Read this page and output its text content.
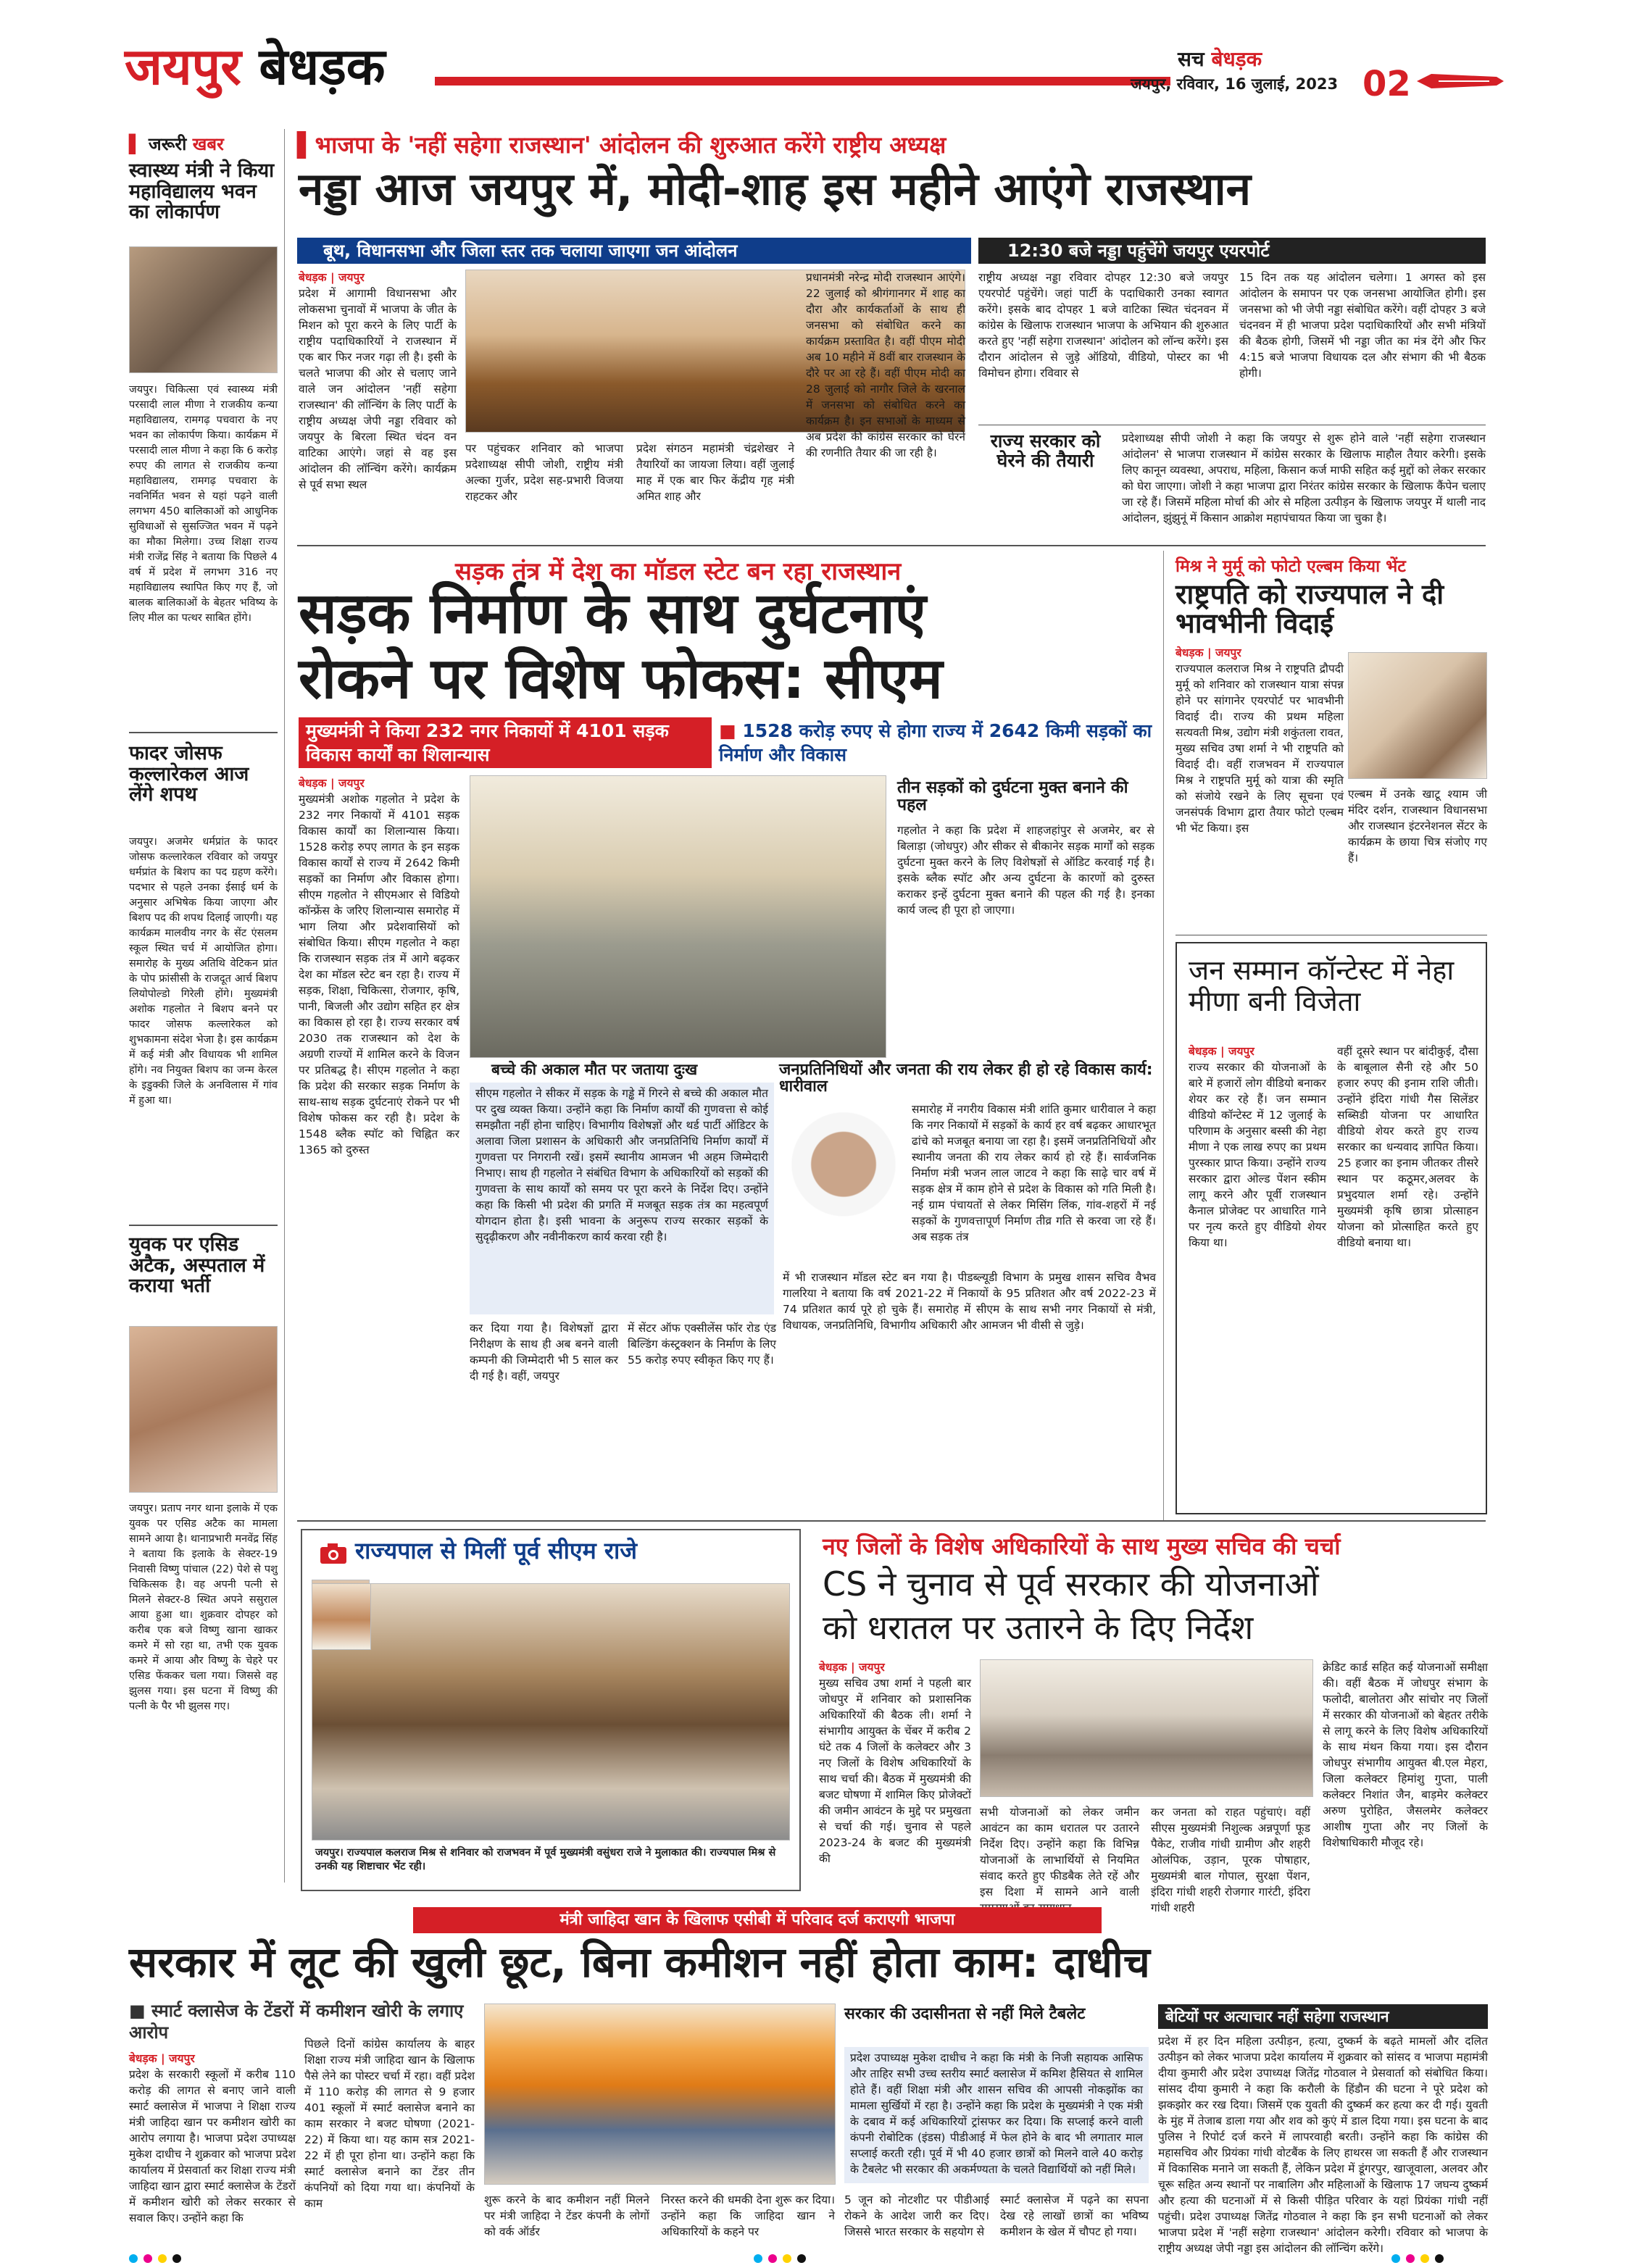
जयपुर बेधड़क	सच बेधड़क
जयपुर, रविवार, 16 जुलाई, 2023 02
▌ जरूरी खबर
स्वास्थ्य मंत्री ने किया महाविद्यालय भवन का लोकार्पण
जयपुर। चिकित्सा एवं स्वास्थ्य मंत्री परसादी लाल मीणा ने राजकीय कन्या महाविद्यालय, रामगढ़ पचवारा के नए भवन का लोकार्पण किया। कार्यक्रम में परसादी लाल मीणा ने कहा कि 6 करोड़ रुपए की लागत से राजकीय कन्या महाविद्यालय, रामगढ़ पचवारा के नवनिर्मित भवन से यहां पढ़ने वाली लगभग 450 बालिकाओं को आधुनिक सुविधाओं से सुसज्जित भवन में पढ़ने का मौका मिलेगा। उच्च शिक्षा राज्य मंत्री राजेंद्र सिंह ने बताया कि पिछले 4 वर्ष में प्रदेश में लगभग 316 नए महाविद्यालय स्थापित किए गए हैं, जो बालक बालिकाओं के बेहतर भविष्य के लिए मील का पत्थर साबित होंगे।
फादर जोसफ कल्लारेकल आज लेंगे शपथ
जयपुर। अजमेर धर्मप्रांत के फादर जोसफ कल्लारेकल रविवार को जयपुर धर्मप्रांत के बिशप का पद ग्रहण करेंगे। पदभार से पहले उनका ईसाई धर्म के अनुसार अभिषेक किया जाएगा और बिशप पद की शपथ दिलाई जाएगी। यह कार्यक्रम मालवीय नगर के सेंट एंसलम स्कूल स्थित चर्च में आयोजित होगा। समारोह के मुख्य अतिथि वेटिकन प्रांत के पोप फ्रांसीसी के राजदूत आर्च बिशप लियोपोल्डो गिरेली होंगे। मुख्यमंत्री अशोक गहलोत ने बिशप बनने पर फादर जोसफ कल्लारेकल को शुभकामना संदेश भेजा है। इस कार्यक्रम में कई मंत्री और विधायक भी शामिल होंगे। नव नियुक्त बिशप का जन्म केरल के इडुक्की जिले के अनविलास में गांव में हुआ था।
युवक पर एसिड अटैक, अस्पताल में कराया भर्ती
जयपुर। प्रताप नगर थाना इलाके में एक युवक पर एसिड अटैक का मामला सामने आया है। थानाप्रभारी मनवेंद्र सिंह ने बताया कि इलाके के सेक्टर-19 निवासी विष्णु पांचाल (22) पेशे से पशु चिकित्सक है। वह अपनी पत्नी से मिलने सेक्टर-8 स्थित अपने ससुराल आया हुआ था। शुक्रवार दोपहर को करीब एक बजे विष्णु खाना खाकर कमरे में सो रहा था, तभी एक युवक कमरे में आया और विष्णु के चेहरे पर एसिड फेंककर चला गया। जिससे वह झुलस गया। इस घटना में विष्णु की पत्नी के पैर भी झुलस गए।
▌भाजपा के 'नहीं सहेगा राजस्थान' आंदोलन की शुरुआत करेंगे राष्ट्रीय अध्यक्ष
नड्डा आज जयपुर में, मोदी-शाह इस महीने आएंगे राजस्थान
बूथ, विधानसभा और जिला स्तर तक चलाया जाएगा जन आंदोलन	12:30 बजे नड्डा पहुंचेंगे जयपुर एयरपोर्ट
बेधड़क | जयपुर
प्रदेश में आगामी विधानसभा और लोकसभा चुनावों में भाजपा के जीत के मिशन को पूरा करने के लिए पार्टी के राष्ट्रीय पदाधिकारियों ने राजस्थान में एक बार फिर नजर गढ़ा ली है। इसी के चलते भाजपा की ओर से चलाए जाने वाले जन आंदोलन 'नहीं सहेगा राजस्थान' की लॉन्चिंग के लिए पार्टी के राष्ट्रीय अध्यक्ष जेपी नड्डा रविवार को जयपुर के बिरला स्थित चंदन वन वाटिका आएंगे। जहां से वह इस आंदोलन की लॉन्चिंग करेंगे। कार्यक्रम से पूर्व सभा स्थल
पर पहुंचकर शनिवार को भाजपा प्रदेशाध्यक्ष सीपी जोशी, राष्ट्रीय मंत्री अल्का गुर्जर, प्रदेश सह-प्रभारी विजया राहटकर और
प्रदेश संगठन महामंत्री चंद्रशेखर ने तैयारियों का जायजा लिया। वहीं जुलाई माह में एक बार फिर केंद्रीय गृह मंत्री अमित शाह और
प्रधानमंत्री नरेन्द्र मोदी राजस्थान आएंगे। 22 जुलाई को श्रीगंगानगर में शाह का दौरा और कार्यकर्ताओं के साथ ही जनसभा को संबोधित करने का कार्यक्रम प्रस्तावित है। वहीं पीएम मोदी अब 10 महीने में 8वीं बार राजस्थान के दौरे पर आ रहे हैं। वहीं पीएम मोदी का 28 जुलाई को नागौर जिले के खरनाल में जनसभा को संबोधित करने का कार्यक्रम है। इन सभाओं के माध्यम से अब प्रदेश की कांग्रेस सरकार को घेरने की रणनीति तैयार की जा रही है।
राष्ट्रीय अध्यक्ष नड्डा रविवार दोपहर 12:30 बजे जयपुर एयरपोर्ट पहुंचेंगे। जहां पार्टी के पदाधिकारी उनका स्वागत करेंगे। इसके बाद दोपहर 1 बजे वाटिका स्थित चंदनवन में कांग्रेस के खिलाफ राजस्थान भाजपा के अभियान की शुरुआत करते हुए 'नहीं सहेगा राजस्थान' आंदोलन को लॉन्च करेंगे। इस दौरान आंदोलन से जुड़े ऑडियो, वीडियो, पोस्टर का भी विमोचन होगा। रविवार से
15 दिन तक यह आंदोलन चलेगा। 1 अगस्त को इस आंदोलन के समापन पर एक जनसभा आयोजित होगी। इस जनसभा को भी जेपी नड्डा संबोधित करेंगे। वहीं दोपहर 3 बजे चंदनवन में ही भाजपा प्रदेश पदाधिकारियों और सभी मंत्रियों की बैठक होगी, जिसमें भी नड्डा जीत का मंत्र देंगे और फिर 4:15 बजे भाजपा विधायक दल और संभाग की भी बैठक होगी।
राज्य सरकार को घेरने की तैयारी
प्रदेशाध्यक्ष सीपी जोशी ने कहा कि जयपुर से शुरू होने वाले 'नहीं सहेगा राजस्थान आंदोलन' से भाजपा राजस्थान में कांग्रेस सरकार के खिलाफ माहौल तैयार करेगी। इसके लिए कानून व्यवस्था, अपराध, महिला, किसान कर्ज माफी सहित कई मुद्दों को लेकर सरकार को घेरा जाएगा। जोशी ने कहा भाजपा द्वारा निरंतर कांग्रेस सरकार के खिलाफ कैंपेन चलाए जा रहे हैं। जिसमें महिला मोर्चा की ओर से महिला उत्पीड़न के खिलाफ जयपुर में थाली नाद आंदोलन, झुंझुनूं में किसान आक्रोश महापंचायत किया जा चुका है।
सड़क तंत्र में देश का मॉडल स्टेट बन रहा राजस्थान
सड़क निर्माण के साथ दुर्घटनाएं
रोकने पर विशेष फोकस: सीएम
मुख्यमंत्री ने किया 232 नगर निकायों में 4101 सड़क विकास कार्यों का शिलान्यास
■ 1528 करोड़ रुपए से होगा राज्य में 2642 किमी सड़कों का निर्माण और विकास
बेधड़क | जयपुर
मुख्यमंत्री अशोक गहलोत ने प्रदेश के 232 नगर निकायों में 4101 सड़क विकास कार्यों का शिलान्यास किया। 1528 करोड़ रुपए लागत के इन सड़क विकास कार्यों से राज्य में 2642 किमी सड़कों का निर्माण और विकास होगा। सीएम गहलोत ने सीएमआर से विडियो कॉन्फ्रेंस के जरिए शिलान्यास समारोह में भाग लिया और प्रदेशवासियों को संबोधित किया। सीएम गहलोत ने कहा कि राजस्थान सड़क तंत्र में आगे बढ़कर देश का मॉडल स्टेट बन रहा है। राज्य में सड़क, शिक्षा, चिकित्सा, रोजगार, कृषि, पानी, बिजली और उद्योग सहित हर क्षेत्र का विकास हो रहा है। राज्य सरकार वर्ष 2030 तक राजस्थान को देश के अग्रणी राज्यों में शामिल करने के विजन पर प्रतिबद्ध है। सीएम गहलोत ने कहा कि प्रदेश की सरकार सड़क निर्माण के साथ-साथ सड़क दुर्घटनाएं रोकने पर भी विशेष फोकस कर रही है। प्रदेश के 1548 ब्लैक स्पॉट को चिह्नित कर 1365 को दुरुस्त
तीन सड़कों को दुर्घटना मुक्त बनाने की पहल
गहलोत ने कहा कि प्रदेश में शाहजहांपुर से अजमेर, बर से बिलाड़ा (जोधपुर) और सीकर से बीकानेर सड़क मार्गों को सड़क दुर्घटना मुक्त करने के लिए विशेषज्ञों से ऑडिट करवाई गई है। इसके ब्लैक स्पॉट और अन्य दुर्घटना के कारणों को दुरुस्त कराकर इन्हें दुर्घटना मुक्त बनाने की पहल की गई है। इनका कार्य जल्द ही पूरा हो जाएगा।
बच्चे की अकाल मौत पर जताया दुःख
सीएम गहलोत ने सीकर में सड़क के गड्ढे में गिरने से बच्चे की अकाल मौत पर दुख व्यक्त किया। उन्होंने कहा कि निर्माण कार्यों की गुणवत्ता से कोई समझौता नहीं होना चाहिए। विभागीय विशेषज्ञों और थर्ड पार्टी ऑडिटर के अलावा जिला प्रशासन के अधिकारी और जनप्रतिनिधि निर्माण कार्यों में गुणवत्ता पर निगरानी रखें। इसमें स्थानीय आमजन भी अहम जिम्मेदारी निभाए। साथ ही गहलोत ने संबंधित विभाग के अधिकारियों को सड़कों की गुणवत्ता के साथ कार्यों को समय पर पूरा करने के निर्देश दिए। उन्होंने कहा कि किसी भी प्रदेश की प्रगति में मजबूत सड़क तंत्र का महत्वपूर्ण योगदान होता है। इसी भावना के अनुरूप राज्य सरकार सड़कों के सुदृढ़ीकरण और नवीनीकरण कार्य करवा रही है।
जनप्रतिनिधियों और जनता की राय लेकर ही हो रहे विकास कार्य: धारीवाल
समारोह में नगरीय विकास मंत्री शांति कुमार धारीवाल ने कहा कि नगर निकायों में सड़कों के कार्य हर वर्ष बढ़कर आधारभूत ढांचे को मजबूत बनाया जा रहा है। इसमें जनप्रतिनिधियों और स्थानीय जनता की राय लेकर कार्य हो रहे हैं। सार्वजनिक निर्माण मंत्री भजन लाल जाटव ने कहा कि साढ़े चार वर्ष में सड़क क्षेत्र में काम होने से प्रदेश के विकास को गति मिली है। नई ग्राम पंचायतों से लेकर मिसिंग लिंक, गांव-शहरों में नई सड़कों के गुणवत्तापूर्ण निर्माण तीव्र गति से करवा जा रहे हैं। अब सड़क तंत्र
में भी राजस्थान मॉडल स्टेट बन गया है। पीडब्ल्यूडी विभाग के प्रमुख शासन सचिव वैभव गालरिया ने बताया कि वर्ष 2021-22 में निकायों के 95 प्रतिशत और वर्ष 2022-23 में 74 प्रतिशत कार्य पूरे हो चुके हैं। समारोह में सीएम के साथ सभी नगर निकायों से मंत्री, विधायक, जनप्रतिनिधि, विभागीय अधिकारी और आमजन भी वीसी से जुड़े।
कर दिया गया है। विशेषज्ञों द्वारा निरीक्षण के साथ ही अब बनने वाली कम्पनी की जिम्मेदारी भी 5 साल कर दी गई है। वहीं, जयपुर
में सेंटर ऑफ एक्सीलेंस फॉर रोड एंड बिल्डिंग कंस्ट्रक्शन के निर्माण के लिए 55 करोड़ रुपए स्वीकृत किए गए हैं।
मिश्र ने मुर्मू को फोटो एल्बम किया भेंट
राष्ट्रपति को राज्यपाल ने दी भावभीनी विदाई
बेधड़क | जयपुर
राज्यपाल कलराज मिश्र ने राष्ट्रपति द्रौपदी मुर्मू को शनिवार को राजस्थान यात्रा संपन्न होने पर सांगानेर एयरपोर्ट पर भावभीनी विदाई दी। राज्य की प्रथम महिला सत्यवती मिश्र, उद्योग मंत्री शकुंतला रावत, मुख्य सचिव उषा शर्मा ने भी राष्ट्रपति को विदाई दी। वहीं राजभवन में राज्यपाल मिश्र ने राष्ट्रपति मुर्मू को यात्रा की स्मृति को संजोये रखने के लिए सूचना एवं जनसंपर्क विभाग द्वारा तैयार फोटो एल्बम भी भेंट किया। इस
एल्बम में उनके खाटू श्याम जी मंदिर दर्शन, राजस्थान विधानसभा और राजस्थान इंटरनेशनल सेंटर के कार्यक्रम के छाया चित्र संजोए गए हैं।
जन सम्मान कॉन्टेस्ट में नेहा मीणा बनी विजेता
बेधड़क | जयपुर
राज्य सरकार की योजनाओं के बारे में हजारों लोग वीडियो बनाकर शेयर कर रहे हैं। जन सम्मान वीडियो कॉन्टेस्ट में 12 जुलाई के परिणाम के अनुसार बस्सी की नेहा मीणा ने एक लाख रुपए का प्रथम पुरस्कार प्राप्त किया। उन्होंने राज्य सरकार द्वारा ओल्ड पेंशन स्कीम लागू करने और पूर्वी राजस्थान कैनाल प्रोजेक्ट पर आधारित गाने पर नृत्य करते हुए वीडियो शेयर किया था।
वहीं दूसरे स्थान पर बांदीकुई, दौसा के बाबूलाल सैनी रहे और 50 हजार रुपए की इनाम राशि जीती। उन्होंने इंदिरा गांधी गैस सिलेंडर सब्सिडी योजना पर आधारित वीडियो शेयर करते हुए राज्य सरकार का धन्यवाद ज्ञापित किया। 25 हजार का इनाम जीतकर तीसरे स्थान पर कठूमर,अलवर के प्रभुदयाल शर्मा रहे। उन्होंने मुख्यमंत्री कृषि छात्रा प्रोत्साहन योजना को प्रोत्साहित करते हुए वीडियो बनाया था।
राज्यपाल से मिलीं पूर्व सीएम राजे
जयपुर। राज्यपाल कलराज मिश्र से शनिवार को राजभवन में पूर्व मुख्यमंत्री वसुंधरा राजे ने मुलाकात की। राज्यपाल मिश्र से उनकी यह शिष्टाचार भेंट रही।
नए जिलों के विशेष अधिकारियों के साथ मुख्य सचिव की चर्चा
CS ने चुनाव से पूर्व सरकार की योजनाओं
को धरातल पर उतारने के दिए निर्देश
बेधड़क | जयपुर
मुख्य सचिव उषा शर्मा ने पहली बार जोधपुर में शनिवार को प्रशासनिक अधिकारियों की बैठक ली। शर्मा ने संभागीय आयुक्त के चेंबर में करीब 2 घंटे तक 4 जिलों के कलेक्टर और 3 नए जिलों के विशेष अधिकारियों के साथ चर्चा की। बैठक में मुख्यमंत्री की बजट घोषणा में शामिल किए प्रोजेक्टों की जमीन आवंटन के मुद्दे पर प्रमुखता से चर्चा की गई। चुनाव से पहले 2023-24 के बजट की मुख्यमंत्री की
सभी योजनाओं को लेकर जमीन आवंटन का काम धरातल पर उतारने निर्देश दिए। उन्होंने कहा कि विभिन्न योजनाओं के लाभार्थियों से नियमित संवाद करते हुए फीडबैक लेते रहें और इस दिशा में सामने आने वाली
कर जनता को राहत पहुंचाएं। वहीं सीएस मुख्यमंत्री निशुल्क अन्नपूर्णा फूड पैकेट, राजीव गांधी ग्रामीण और शहरी ओलंपिक, उड़ान, पूरक पोषाहार, मुख्यमंत्री बाल गोपाल, सुरक्षा पेंशन, इंदिरा गांधी शहरी रोजगार गारंटी, इंदिरा गांधी शहरी
क्रेडिट कार्ड सहित कई योजनाओं समीक्षा की। वहीं बैठक में जोधपुर संभाग के फलोदी, बालोतरा और सांचोर नए जिलों में सरकार की योजनाओं को बेहतर तरीके से लागू करने के लिए विशेष अधिकारियों के साथ मंथन किया गया। इस दौरान जोधपुर संभागीय आयुक्त बी.एल मेहरा, जिला कलेक्टर हिमांशु गुप्ता, पाली कलेक्टर निशांत जैन, बाड़मेर कलेक्टर अरुण पुरोहित, जैसलमेर कलेक्टर आशीष गुप्ता और नए जिलों के विशेषाधिकारी मौजूद रहे।
मंत्री जाहिदा खान के खिलाफ एसीबी में परिवाद दर्ज कराएगी भाजपा
सरकार में लूट की खुली छूट, बिना कमीशन नहीं होता काम: दाधीच
■ स्मार्ट क्लासेज के टेंडरों में कमीशन खोरी के लगाए आरोप
बेधड़क | जयपुर
प्रदेश के सरकारी स्कूलों में करीब 110 करोड़ की लागत से बनाए जाने वाली स्मार्ट क्लासेज में भाजपा ने शिक्षा राज्य मंत्री जाहिदा खान पर कमीशन खोरी का आरोप लगाया है। भाजपा प्रदेश उपाध्यक्ष मुकेश दाधीच ने शुक्रवार को भाजपा प्रदेश कार्यालय में प्रेसवार्ता कर शिक्षा राज्य मंत्री जाहिदा खान द्वारा स्मार्ट क्लासेज के टेंडरों में कमीशन खोरी को लेकर सरकार से सवाल किए। उन्होंने कहा कि
पिछले दिनों कांग्रेस कार्यालय के बाहर शिक्षा राज्य मंत्री जाहिदा खान के खिलाफ पैसे लेने का पोस्टर चर्चा में रहा। वहीं प्रदेश में 110 करोड़ की लागत से 9 हजार 401 स्कूलों में स्मार्ट क्लासेज बनाने का काम सरकार ने बजट घोषणा (2021-22) में किया था। यह काम सत्र 2021-22 में ही पूरा होना था। उन्होंने कहा कि स्मार्ट क्लासेज बनाने का टेंडर तीन कंपनियों को दिया गया था। कंपनियों के काम	शुरू करने के बाद कमीशन नहीं मिलने पर मंत्री जाहिदा ने टेंडर कंपनी के लोगों को वर्क ऑर्डर
निरस्त करने की धमकी देना शुरू कर दिया। उन्होंने कहा कि जाहिदा खान ने अधिकारियों के कहने पर
सरकार की उदासीनता से नहीं मिले टैबलेट
प्रदेश उपाध्यक्ष मुकेश दाधीच ने कहा कि मंत्री के निजी सहायक आसिफ और ताहिर सभी उच्च स्तरीय स्मार्ट क्लासेज में कमिश हैसियत से शामिल होते हैं। वहीं शिक्षा मंत्री और शासन सचिव की आपसी नोकझोंक का मामला सुर्खियों में रहा है। उन्होंने कहा कि प्रदेश के मुख्यमंत्री ने एक मंत्री के दबाव में कई अधिकारियों ट्रांसफर कर दिया। कि सप्लाई करने वाली कंपनी रोबोटिक (इंडस) पीडीआई में फेल होने के बाद भी लगातार माल सप्लाई करती रही। पूर्व में भी 40 हजार छात्रों को मिलने वाले 40 करोड़ के टैबलेट भी सरकार की अकर्मण्यता के चलते विद्यार्थियों को नहीं मिले।
5 जून को नोटशीट पर पीडीआई रोकने के आदेश जारी कर दिए। जिससे भारत सरकार के सहयोग से
स्मार्ट क्लासेज में पढ़ने का सपना देख रहे लाखों छात्रों का भविष्य कमीशन के खेल में चौपट हो गया।
बेटियों पर अत्याचार नहीं सहेगा राजस्थान
प्रदेश में हर दिन महिला उत्पीड़न, हत्या, दुष्कर्म के बढ़ते मामलों और दलित उत्पीड़न को लेकर भाजपा प्रदेश कार्यालय में शुक्रवार को सांसद व भाजपा महामंत्री दीया कुमारी और प्रदेश उपाध्यक्ष जितेंद्र गोठवाल ने प्रेसवार्ता को संबोधित किया। सांसद दीया कुमारी ने कहा कि करौली के हिंडौन की घटना ने पूरे प्रदेश को झकझोर कर रख दिया। जिसमें एक युवती की दुष्कर्म कर हत्या कर दी गई। युवती के मुंह में तेजाब डाला गया और शव को कुएं में डाल दिया गया। इस घटना के बाद पुलिस ने रिपोर्ट दर्ज करने में लापरवाही बरती। उन्होंने कहा कि कांग्रेस की महासचिव और प्रियंका गांधी वोटबैंक के लिए हाथरस जा सकती हैं और राजस्थान में विकासिक मनाने जा सकती हैं, लेकिन प्रदेश में डूंगरपुर, खाजूवाला, अलवर और चूरू सहित अन्य स्थानों पर नाबालिग और महिलाओं के खिलाफ 17 जघन्य दुष्कर्म और हत्या की घटनाओं में से किसी पीड़ित परिवार के यहां प्रियंका गांधी नहीं पहुंची। प्रदेश उपाध्यक्ष जितेंद्र गोठवाल ने कहा कि इन सभी घटनाओं को लेकर भाजपा प्रदेश में 'नहीं सहेगा राजस्थान' आंदोलन करेगी। रविवार को भाजपा के राष्ट्रीय अध्यक्ष जेपी नड्डा इस आंदोलन की लॉन्चिंग करेंगे।
